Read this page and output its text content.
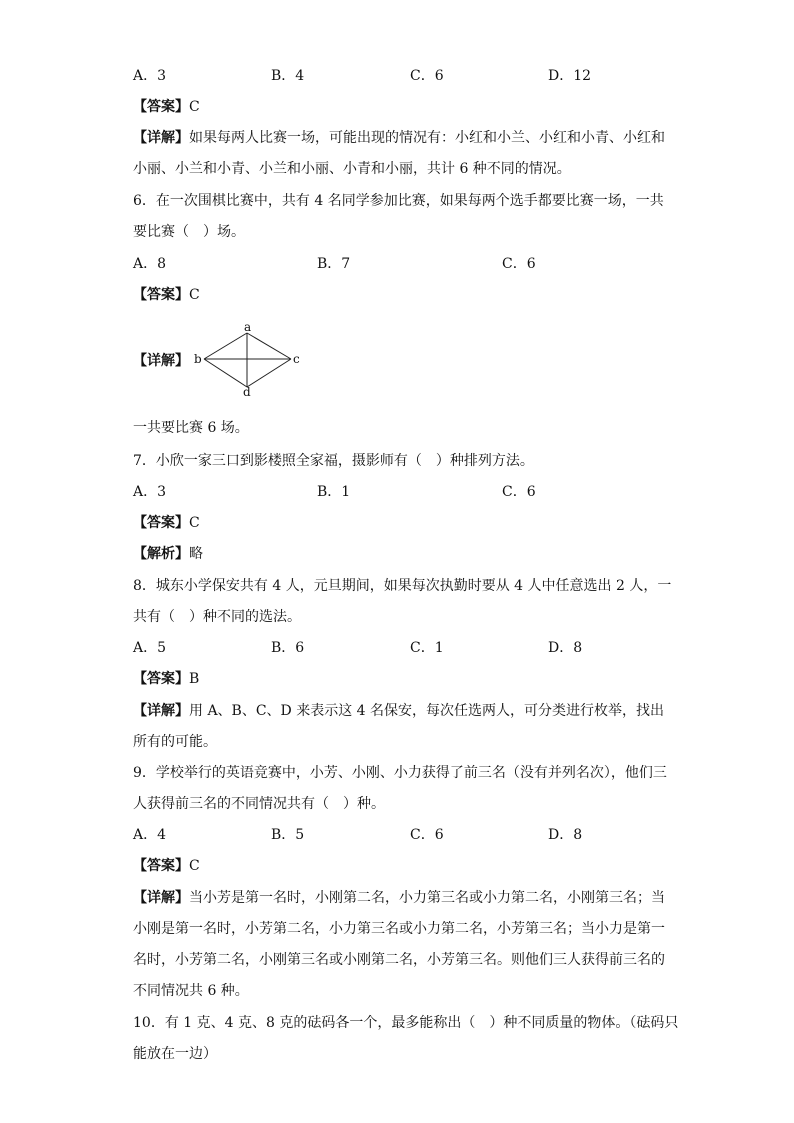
A．3	B．4	C．6	D．12
【答案】C
【详解】如果每两人比赛一场，可能出现的情况有：小红和小兰、小红和小青、小红和
小丽、小兰和小青、小兰和小丽、小青和小丽，共计 6 种不同的情况。
6．在一次围棋比赛中，共有 4 名同学参加比赛，如果每两个选手都要比赛一场，一共
要比赛（　）场。
A．8	B．7	C．6
【答案】C
【详解】
a
b	c
d
一共要比赛 6 场。
7．小欣一家三口到影楼照全家福，摄影师有（　）种排列方法。
A．3	B．1	C．6
【答案】C
【解析】略
8．城东小学保安共有 4 人，元旦期间，如果每次执勤时要从 4 人中任意选出 2 人，一
共有（　）种不同的选法。
A．5	B．6	C．1	D．8
【答案】B
【详解】用 A、B、C、D 来表示这 4 名保安，每次任选两人，可分类进行枚举，找出
所有的可能。
9．学校举行的英语竞赛中，小芳、小刚、小力获得了前三名（没有并列名次），他们三
人获得前三名的不同情况共有（　）种。
A．4	B．5	C．6	D．8
【答案】C
【详解】当小芳是第一名时，小刚第二名，小力第三名或小力第二名，小刚第三名；当
小刚是第一名时，小芳第二名，小力第三名或小力第二名，小芳第三名；当小力是第一
名时，小芳第二名，小刚第三名或小刚第二名，小芳第三名。则他们三人获得前三名的
不同情况共 6 种。
10．有 1 克、4 克、8 克的砝码各一个，最多能称出（　）种不同质量的物体。（砝码只
能放在一边）
